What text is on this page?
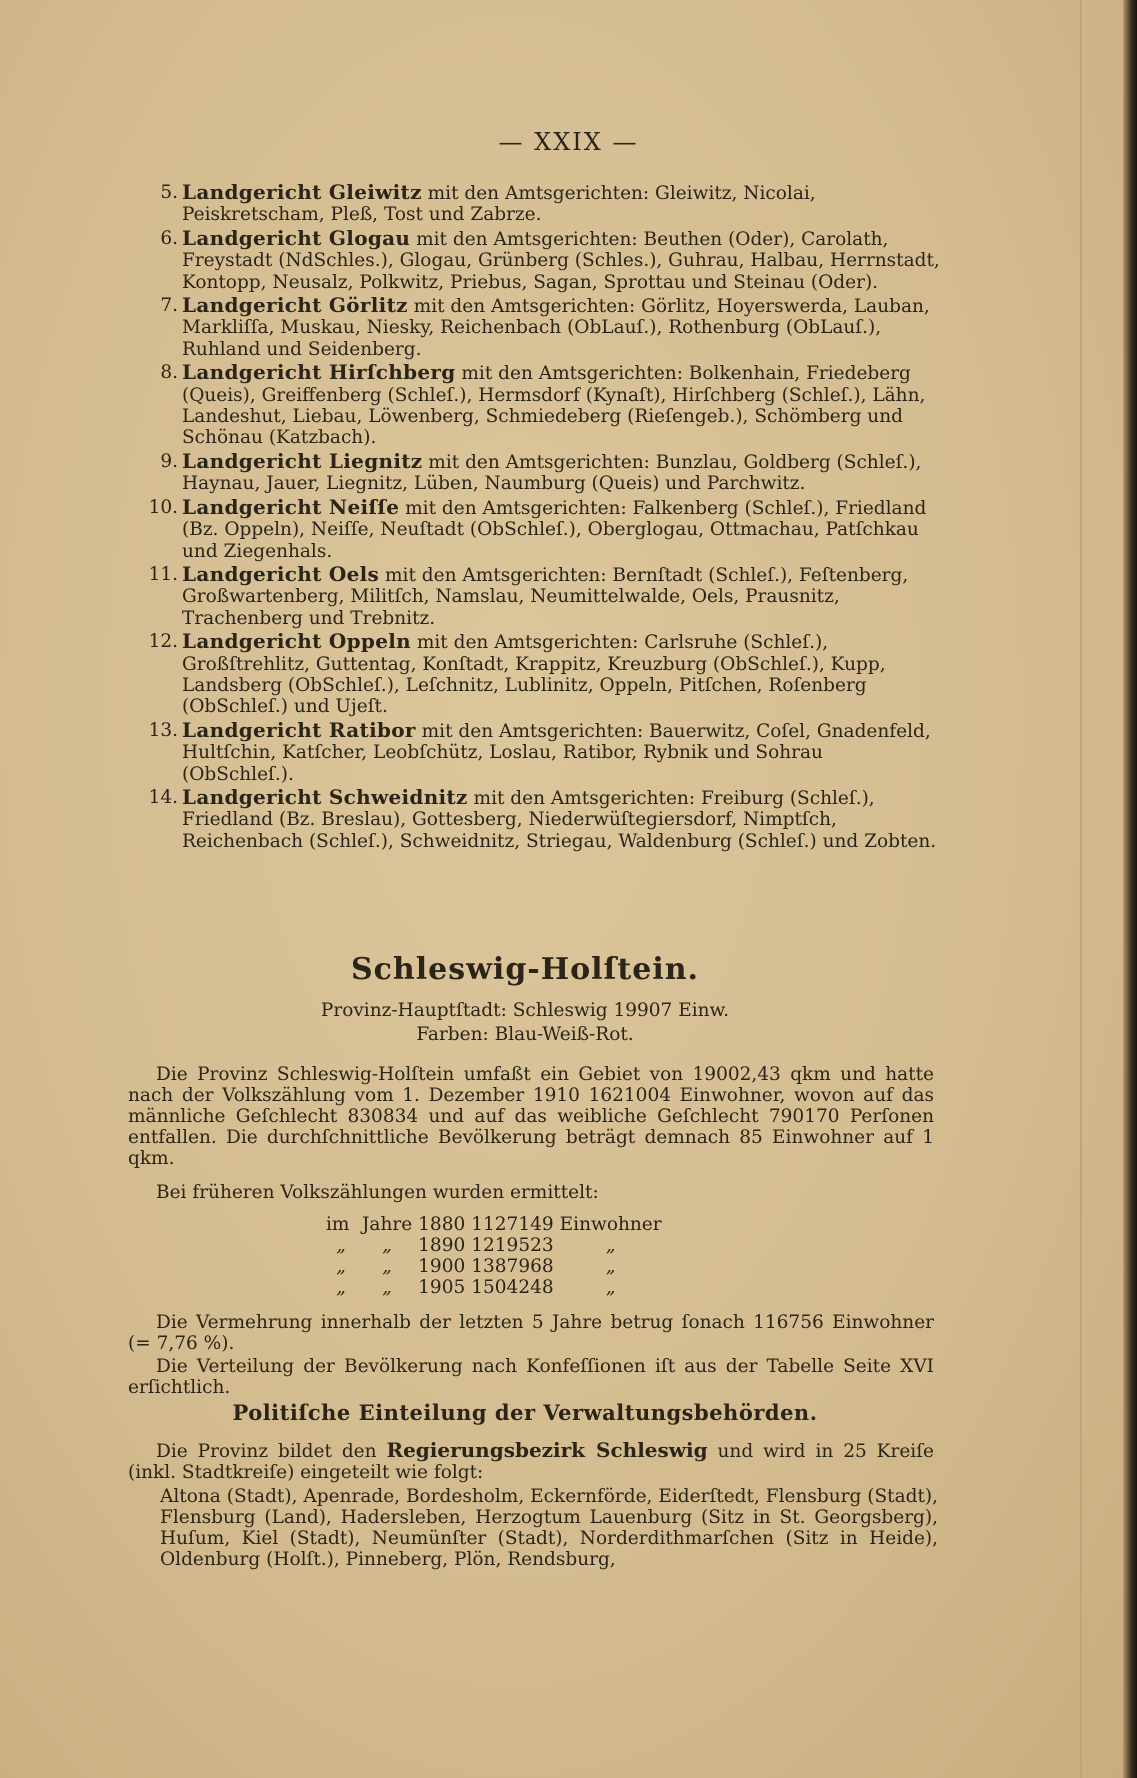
— XXIX —
5. Landgericht Gleiwitz mit den Amtsgerichten: Gleiwitz, Nicolai, Peiskretscham, Pleß, Tost und Zabrze.
6. Landgericht Glogau mit den Amtsgerichten: Beuthen (Oder), Carolath, Freystadt (NdSchles.), Glogau, Grünberg (Schles.), Guhrau, Halbau, Herrnstadt, Kontopp, Neusalz, Polkwitz, Priebus, Sagan, Sprottau und Steinau (Oder).
7. Landgericht Görlitz mit den Amtsgerichten: Görlitz, Hoyerswerda, Lauban, Markliſſa, Muskau, Niesky, Reichenbach (ObLauſ.), Rothenburg (ObLauſ.), Ruhland und Seidenberg.
8. Landgericht Hirſchberg mit den Amtsgerichten: Bolkenhain, Friedeberg (Queis), Greiffenberg (Schleſ.), Hermsdorf (Kynaſt), Hirſchberg (Schleſ.), Lähn, Landeshut, Liebau, Löwenberg, Schmiedeberg (Rieſengeb.), Schömberg und Schönau (Katzbach).
9. Landgericht Liegnitz mit den Amtsgerichten: Bunzlau, Goldberg (Schleſ.), Haynau, Jauer, Liegnitz, Lüben, Naumburg (Queis) und Parchwitz.
10. Landgericht Neiſſe mit den Amtsgerichten: Falkenberg (Schleſ.), Friedland (Bz. Oppeln), Neiſſe, Neuſtadt (ObSchleſ.), Oberglogau, Ottmachau, Patſchkau und Ziegenhals.
11. Landgericht Oels mit den Amtsgerichten: Bernſtadt (Schleſ.), Feſtenberg, Großwartenberg, Militſch, Namslau, Neumittelwalde, Oels, Prausnitz, Trachenberg und Trebnitz.
12. Landgericht Oppeln mit den Amtsgerichten: Carlsruhe (Schleſ.), Großſtrehlitz, Guttentag, Konſtadt, Krappitz, Kreuzburg (ObSchleſ.), Kupp, Landsberg (ObSchleſ.), Leſchnitz, Lublinitz, Oppeln, Pitſchen, Roſenberg (ObSchleſ.) und Ujeſt.
13. Landgericht Ratibor mit den Amtsgerichten: Bauerwitz, Coſel, Gnadenfeld, Hultſchin, Katſcher, Leobſchütz, Loslau, Ratibor, Rybnik und Sohrau (ObSchleſ.).
14. Landgericht Schweidnitz mit den Amtsgerichten: Freiburg (Schleſ.), Friedland (Bz. Breslau), Gottesberg, Niederwüſtegiersdorf, Nimptſch, Reichenbach (Schleſ.), Schweidnitz, Striegau, Waldenburg (Schleſ.) und Zobten.
Schleswig-Holſtein.
Provinz-Hauptſtadt: Schleswig 19907 Einw.
Farben: Blau-Weiß-Rot.
Die Provinz Schleswig-Holſtein umfaßt ein Gebiet von 19002,43 qkm und hatte nach der Volkszählung vom 1. Dezember 1910 1621004 Einwohner, wovon auf das männliche Geſchlecht 830834 und auf das weibliche Geſchlecht 790170 Perſonen entfallen. Die durchſchnittliche Bevölkerung beträgt demnach 85 Einwohner auf 1 qkm.
Bei früheren Volkszählungen wurden ermittelt:
im	Jahre	1880	1127149	Einwohner
„	„	1890	1219523	„
„	„	1900	1387968	„
„	„	1905	1504248	„
Die Vermehrung innerhalb der letzten 5 Jahre betrug ſonach 116756 Einwohner (= 7,76 %).
Die Verteilung der Bevölkerung nach Konfeſſionen iſt aus der Tabelle Seite XVI erſichtlich.
Politiſche Einteilung der Verwaltungsbehörden.
Die Provinz bildet den Regierungsbezirk Schleswig und wird in 25 Kreiſe (inkl. Stadtkreiſe) eingeteilt wie folgt:
Altona (Stadt), Apenrade, Bordesholm, Eckernförde, Eiderſtedt, Flensburg (Stadt), Flensburg (Land), Hadersleben, Herzogtum Lauenburg (Sitz in St. Georgsberg), Huſum, Kiel (Stadt), Neumünſter (Stadt), Norderdithmarſchen (Sitz in Heide), Oldenburg (Holſt.), Pinneberg, Plön, Rendsburg,
